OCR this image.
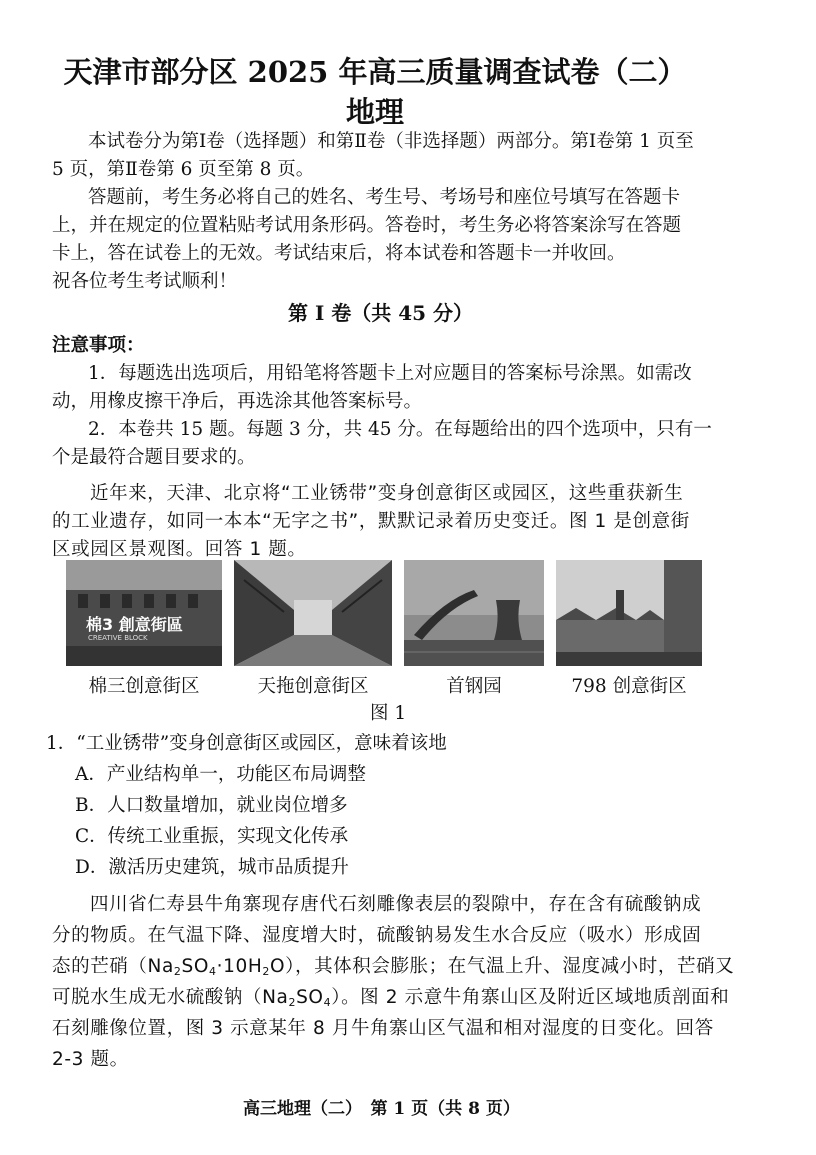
天津市部分区 2025 年高三质量调查试卷（二）
地理
本试卷分为第Ⅰ卷（选择题）和第Ⅱ卷（非选择题）两部分。第Ⅰ卷第 1 页至
5 页，第Ⅱ卷第 6 页至第 8 页。
答题前，考生务必将自己的姓名、考生号、考场号和座位号填写在答题卡
上，并在规定的位置粘贴考试用条形码。答卷时，考生务必将答案涂写在答题
卡上，答在试卷上的无效。考试结束后，将本试卷和答题卡一并收回。
祝各位考生考试顺利！
第 Ⅰ 卷（共 45 分）
注意事项：
1．每题选出选项后，用铅笔将答题卡上对应题目的答案标号涂黑。如需改
动，用橡皮擦干净后，再选涂其他答案标号。
2．本卷共 15 题。每题 3 分，共 45 分。在每题给出的四个选项中，只有一
个是最符合题目要求的。
近年来，天津、北京将“工业锈带”变身创意街区或园区，这些重获新生
的工业遗存，如同一本本“无字之书”，默默记录着历史变迁。图 1 是创意街
区或园区景观图。回答 1 题。
棉3 創意街區
CREATIVE BLOCK
棉三创意街区	天拖创意街区	首钢园	798 创意街区
图 1
1．“工业锈带”变身创意街区或园区，意味着该地
A．产业结构单一，功能区布局调整
B．人口数量增加，就业岗位增多
C．传统工业重振，实现文化传承
D．激活历史建筑，城市品质提升
四川省仁寿县牛角寨现存唐代石刻雕像表层的裂隙中，存在含有硫酸钠成
分的物质。在气温下降、湿度增大时，硫酸钠易发生水合反应（吸水）形成固
态的芒硝$(Na_2SO_4\cdot 10H_2O)$，其体积会膨胀；在气温上升、湿度减小时，芒硝又
可脱水生成无水硫酸钠$(Na_2SO_4)$。图 2 示意牛角寨山区及附近区域地质剖面和
石刻雕像位置，图 3 示意某年 8 月牛角寨山区气温和相对湿度的日变化。回答
2-3 题。
高三地理（二）　第 1 页（共 8 页）
